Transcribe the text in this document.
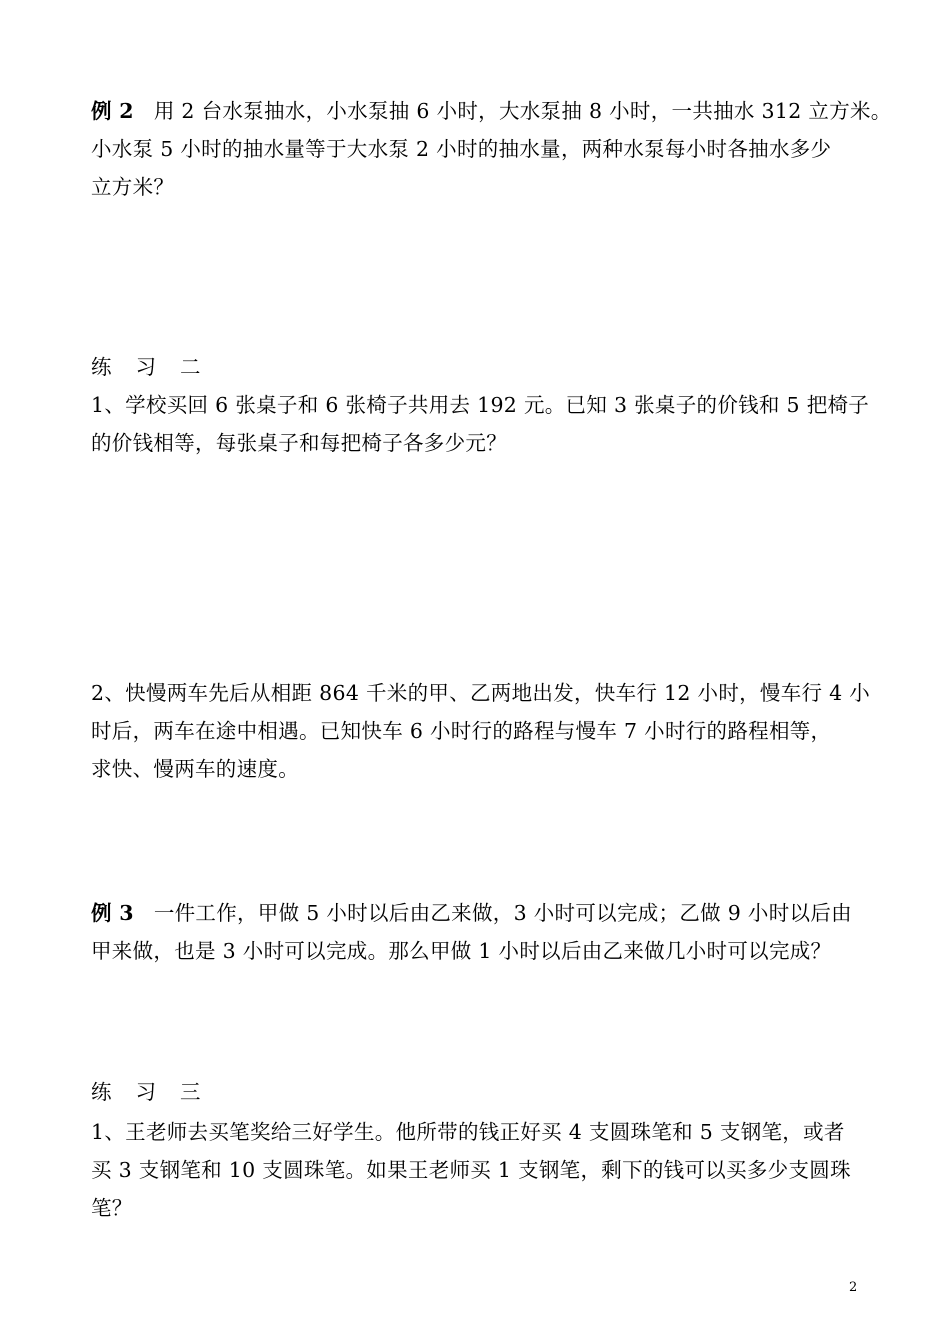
例 2 用 2 台水泵抽水，小水泵抽 6 小时，大水泵抽 8 小时，一共抽水 312 立方米。
小水泵 5 小时的抽水量等于大水泵 2 小时的抽水量，两种水泵每小时各抽水多少
立方米？
练习二
1、学校买回 6 张桌子和 6 张椅子共用去 192 元。已知 3 张桌子的价钱和 5 把椅子
的价钱相等，每张桌子和每把椅子各多少元？
2、快慢两车先后从相距 864 千米的甲、乙两地出发，快车行 12 小时，慢车行 4 小
时后，两车在途中相遇。已知快车 6 小时行的路程与慢车 7 小时行的路程相等，
求快、慢两车的速度。
例 3 一件工作，甲做 5 小时以后由乙来做，3 小时可以完成；乙做 9 小时以后由
甲来做，也是 3 小时可以完成。那么甲做 1 小时以后由乙来做几小时可以完成？
练习三
1、王老师去买笔奖给三好学生。他所带的钱正好买 4 支圆珠笔和 5 支钢笔，或者
买 3 支钢笔和 10 支圆珠笔。如果王老师买 1 支钢笔，剩下的钱可以买多少支圆珠
笔？
2
